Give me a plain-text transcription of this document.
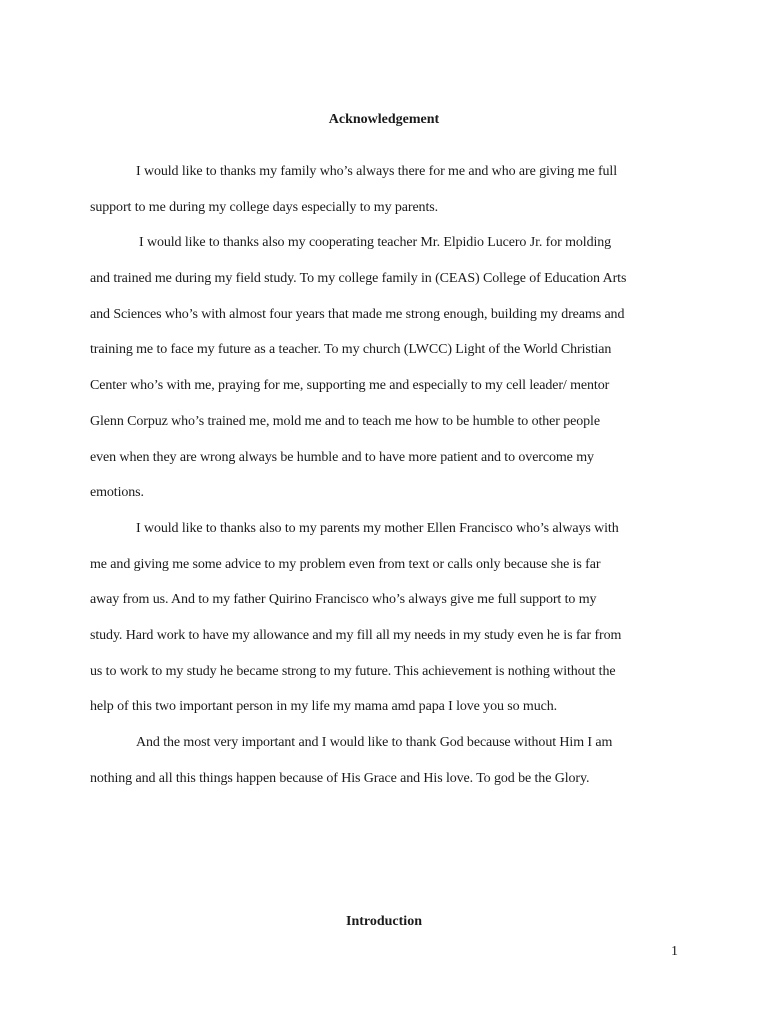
Acknowledgement
I would like to thanks my family who’s always there for me and who are giving me full
support to me during my college days especially to my parents.
I would like to thanks also my cooperating teacher Mr. Elpidio Lucero Jr. for molding
and trained me during my field study. To my college family in (CEAS) College of Education Arts
and Sciences who’s with almost four years that made me strong enough, building my dreams and
training me to face my future as a teacher. To my church (LWCC) Light of the World Christian
Center who’s with me, praying for me, supporting me and especially to my cell leader/ mentor
Glenn Corpuz who’s trained me, mold me and to teach me how to be humble to other people
even when they are wrong always be humble and to have more patient and to overcome my
emotions.
I would like to thanks also to my parents my mother Ellen Francisco who’s always with
me and giving me some advice to my problem even from text or calls only because she is far
away from us. And to my father Quirino Francisco who’s always give me full support to my
study. Hard work to have my allowance and my fill all my needs in my study even he is far from
us to work to my study he became strong to my future. This achievement is nothing without the
help of this two important person in my life my mama amd papa I love you so much.
And the most very important and I would like to thank God because without Him I am
nothing and all this things happen because of His Grace and His love. To god be the Glory.
Introduction
1
